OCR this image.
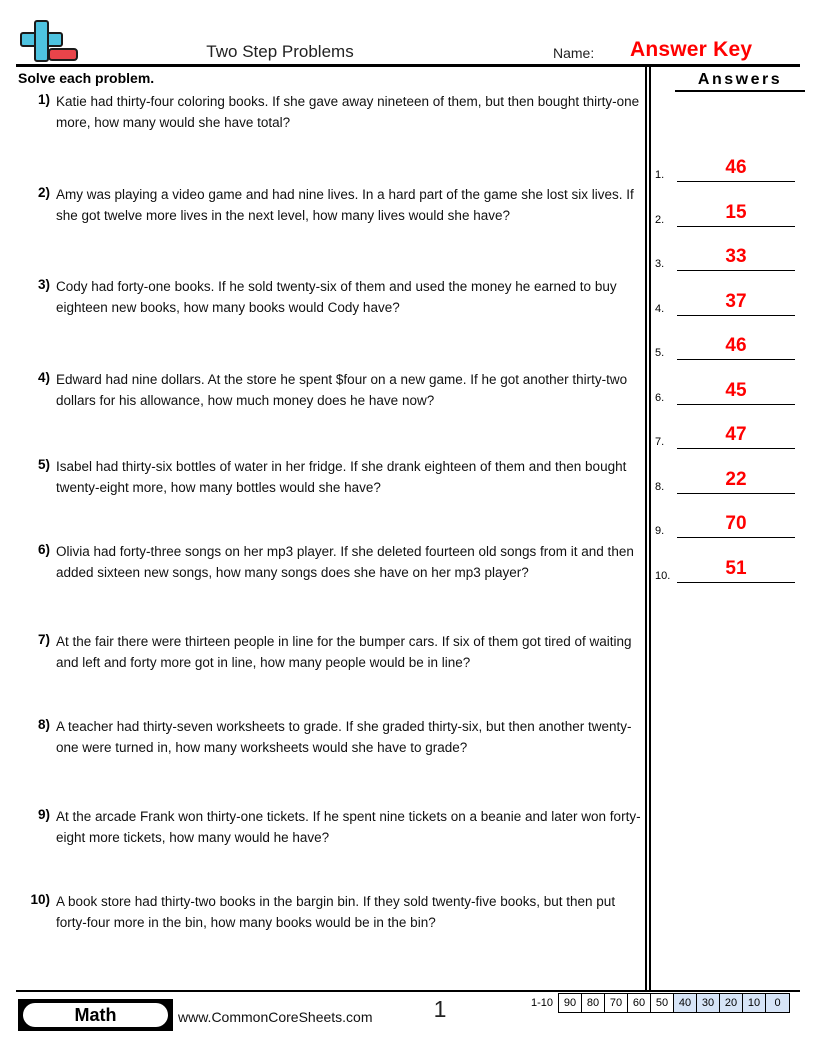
Two Step Problems	Name: Answer Key
Solve each problem.
1) Katie had thirty-four coloring books. If she gave away nineteen of them, but then bought thirty-one more, how many would she have total?
2) Amy was playing a video game and had nine lives. In a hard part of the game she lost six lives. If she got twelve more lives in the next level, how many lives would she have?
3) Cody had forty-one books. If he sold twenty-six of them and used the money he earned to buy eighteen new books, how many books would Cody have?
4) Edward had nine dollars. At the store he spent $four on a new game. If he got another thirty-two dollars for his allowance, how much money does he have now?
5) Isabel had thirty-six bottles of water in her fridge. If she drank eighteen of them and then bought twenty-eight more, how many bottles would she have?
6) Olivia had forty-three songs on her mp3 player. If she deleted fourteen old songs from it and then added sixteen new songs, how many songs does she have on her mp3 player?
7) At the fair there were thirteen people in line for the bumper cars. If six of them got tired of waiting and left and forty more got in line, how many people would be in line?
8) A teacher had thirty-seven worksheets to grade. If she graded thirty-six, but then another twenty-one were turned in, how many worksheets would she have to grade?
9) At the arcade Frank won thirty-one tickets. If he spent nine tickets on a beanie and later won forty-eight more tickets, how many would he have?
10) A book store had thirty-two books in the bargin bin. If they sold twenty-five books, but then put forty-four more in the bin, how many books would be in the bin?
Answers
1.	46
2.	15
3.	33
4.	37
5.	46
6.	45
7.	47
8.	22
9.	70
10.	51
Math	www.CommonCoreSheets.com	1	1-10 90 80 70 60 50 40 30 20 10	0
